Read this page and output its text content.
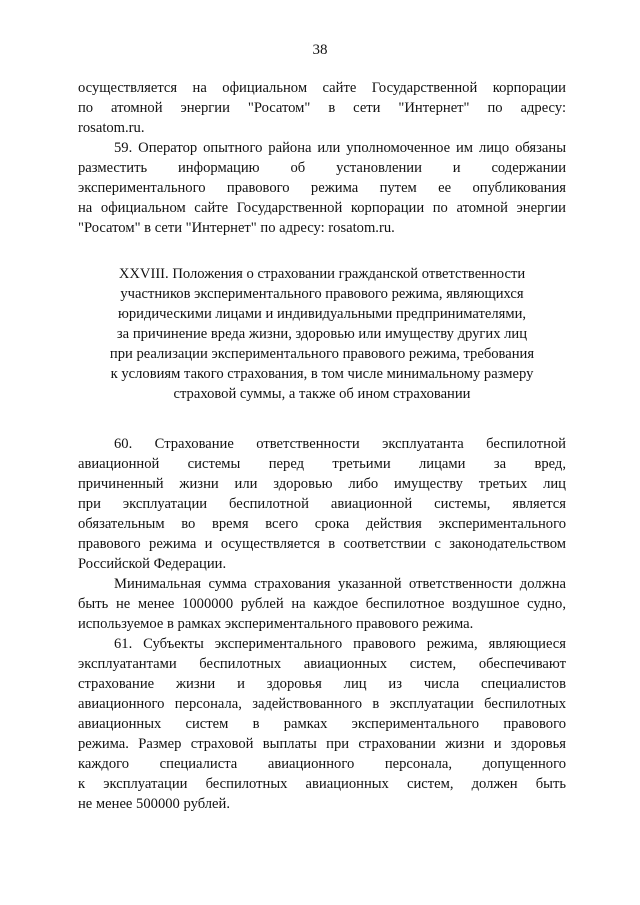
38
осуществляется на официальном сайте Государственной корпорации
по атомной энергии "Росатом" в сети "Интернет" по адресу:
rosatom.ru.
59. Оператор опытного района или уполномоченное им лицо обязаны
разместить информацию об установлении и содержании
экспериментального правового режима путем ее опубликования
на официальном сайте Государственной корпорации по атомной энергии
"Росатом" в сети "Интернет" по адресу: rosatom.ru.
XXVIII. Положения о страховании гражданской ответственности
участников экспериментального правового режима, являющихся
юридическими лицами и индивидуальными предпринимателями,
за причинение вреда жизни, здоровью или имуществу других лиц
при реализации экспериментального правового режима, требования
к условиям такого страхования, в том числе минимальному размеру
страховой суммы, а также об ином страховании
60. Страхование ответственности эксплуатанта беспилотной
авиационной системы перед третьими лицами за вред,
причиненный жизни или здоровью либо имуществу третьих лиц
при эксплуатации беспилотной авиационной системы, является
обязательным во время всего срока действия экспериментального
правового режима и осуществляется в соответствии с законодательством
Российской Федерации.
Минимальная сумма страхования указанной ответственности должна
быть не менее 1000000 рублей на каждое беспилотное воздушное судно,
используемое в рамках экспериментального правового режима.
61. Субъекты экспериментального правового режима, являющиеся
эксплуатантами беспилотных авиационных систем, обеспечивают
страхование жизни и здоровья лиц из числа специалистов
авиационного персонала, задействованного в эксплуатации беспилотных
авиационных систем в рамках экспериментального правового
режима. Размер страховой выплаты при страховании жизни и здоровья
каждого специалиста авиационного персонала, допущенного
к эксплуатации беспилотных авиационных систем, должен быть
не менее 500000 рублей.
